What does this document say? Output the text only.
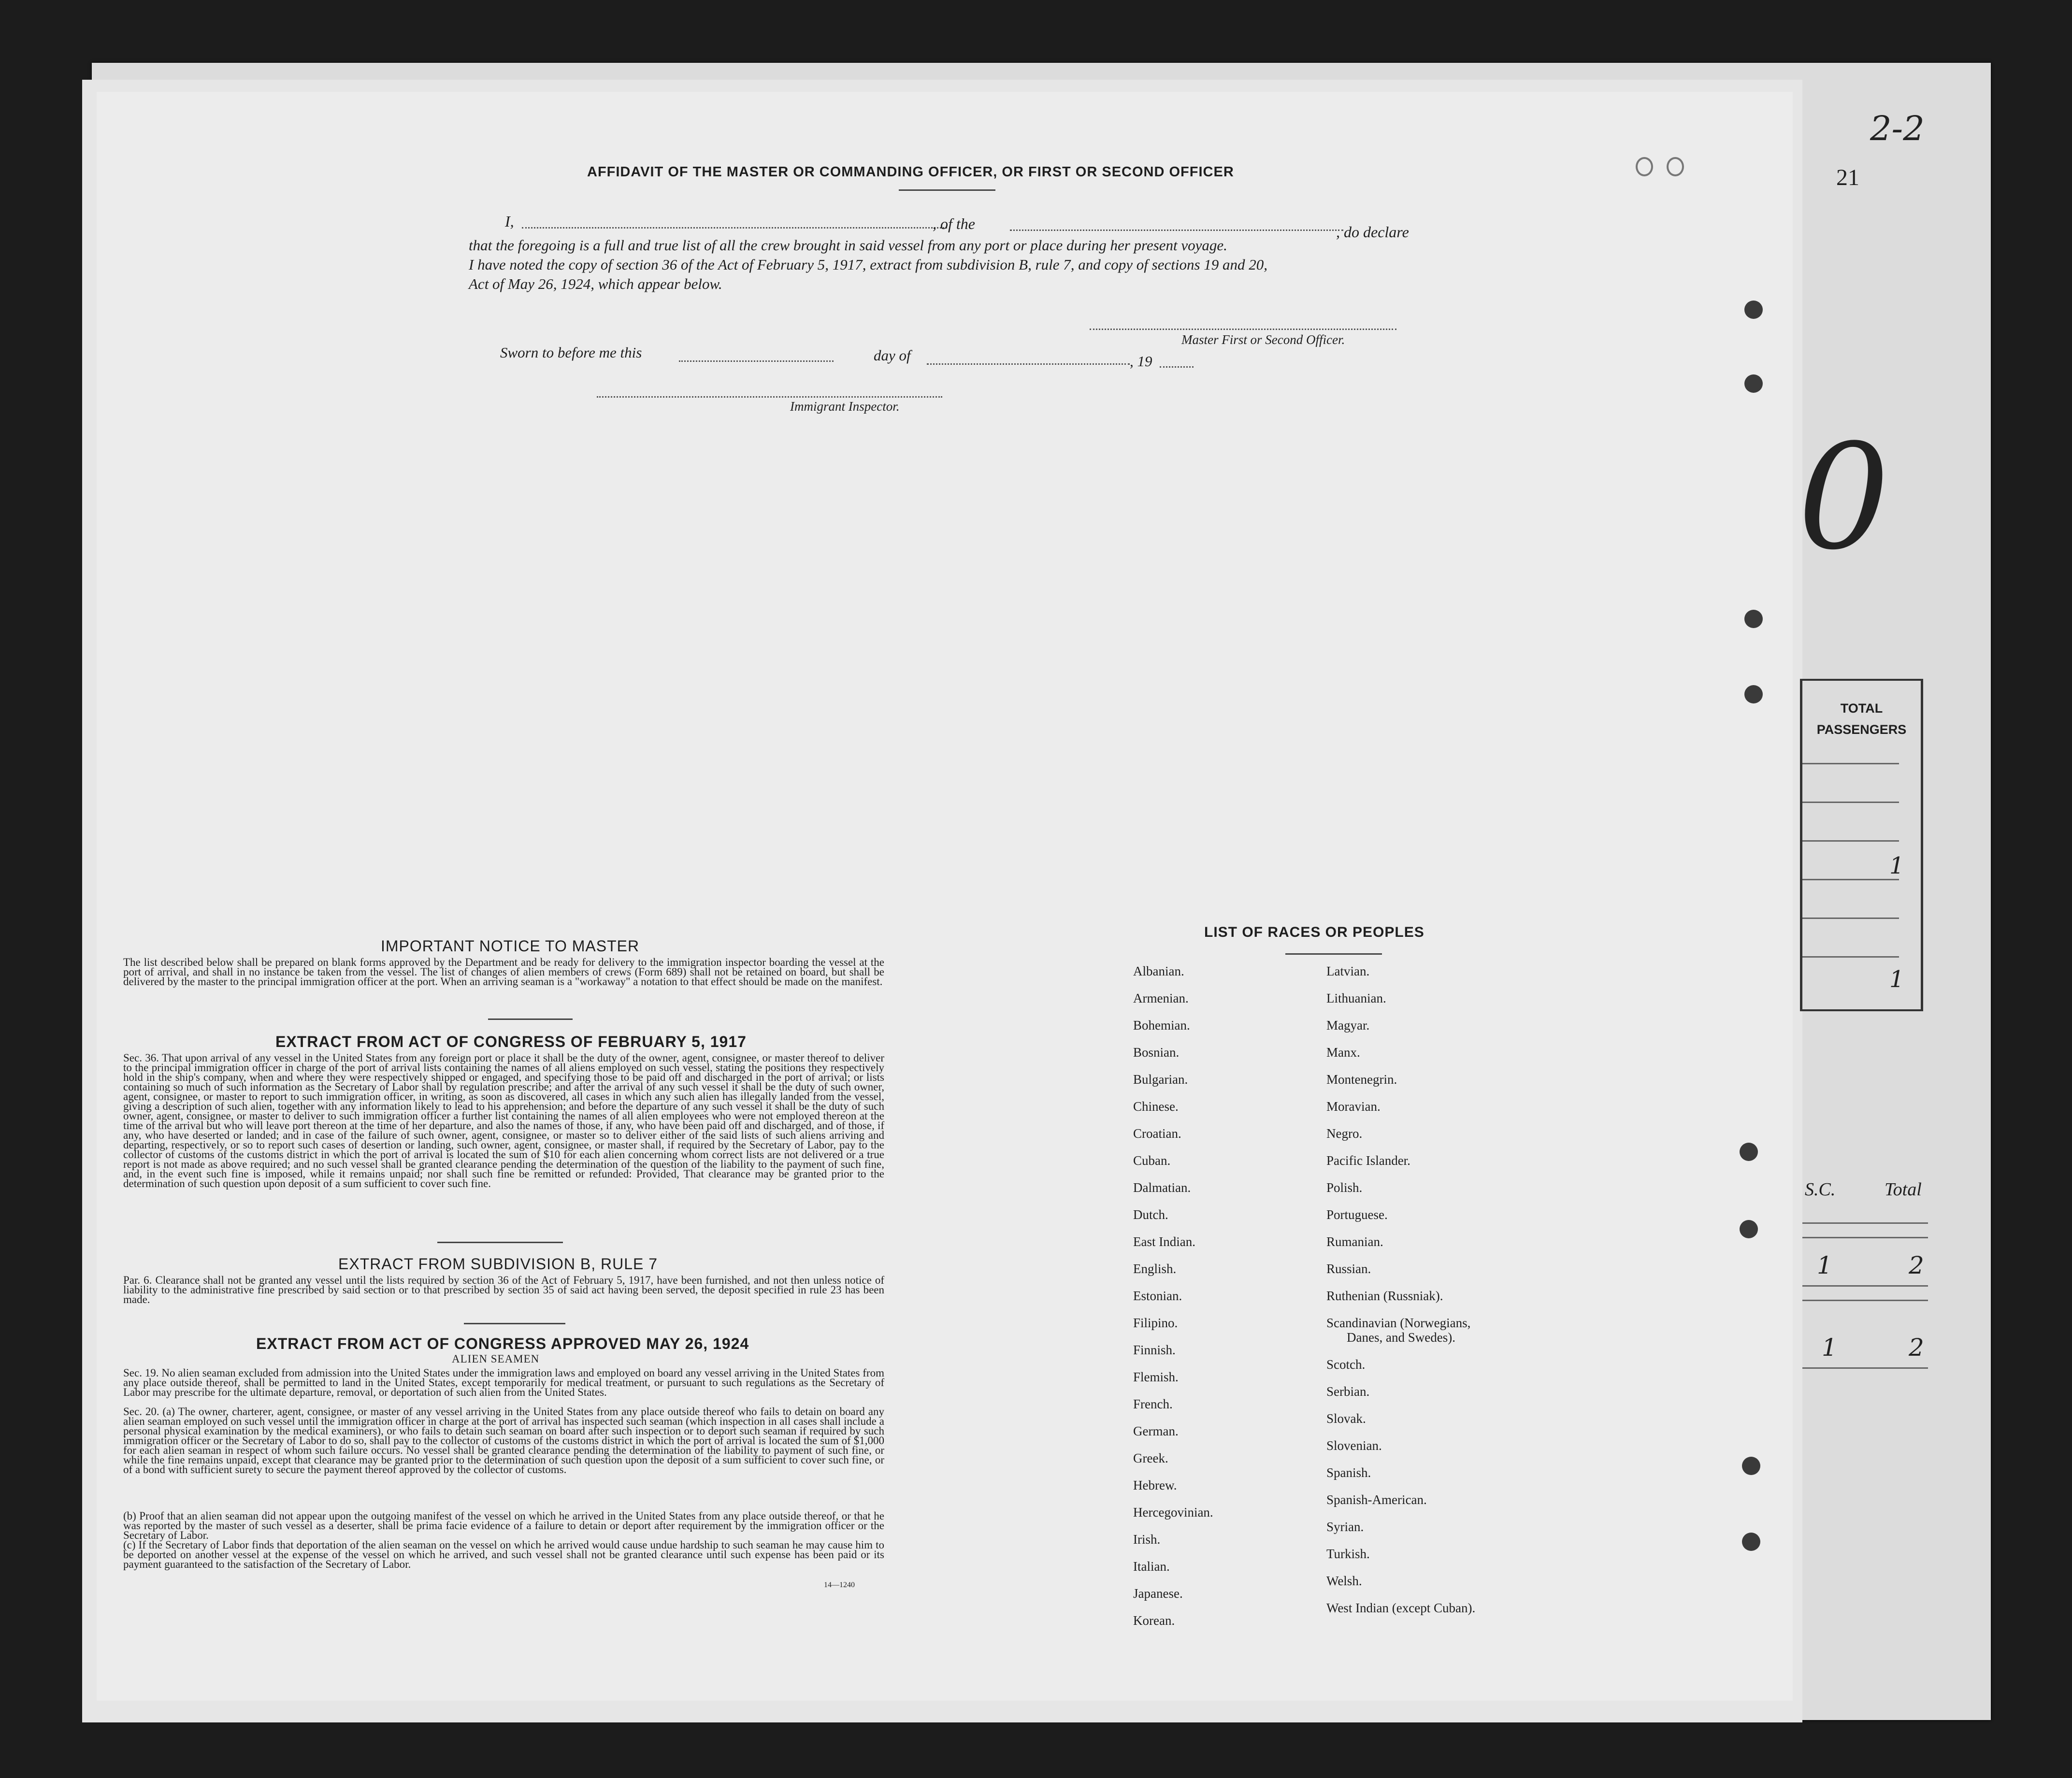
21
2-2
0
TOTAL
PASSENGERS
1
1
S.C.	Total
1	2
1	2
AFFIDAVIT OF THE MASTER OR COMMANDING OFFICER, OR FIRST OR SECOND OFFICER
I,	, of the	, do declare
that the foregoing is a full and true list of all the crew brought in said vessel from any port or place during her present voyage.
I have noted the copy of section 36 of the Act of February 5, 1917, extract from subdivision B, rule 7, and copy of sections 19 and 20,
Act of May 26, 1924, which appear below.
Master First or Second Officer.
Sworn to before me this	day of	, 19
Immigrant Inspector.
IMPORTANT NOTICE TO MASTER
The list described below shall be prepared on blank forms approved by the Department and be ready for delivery to the immigration inspector boarding the vessel at the port of arrival, and shall in no instance be taken from the vessel. The list of changes of alien members of crews (Form 689) shall not be retained on board, but shall be delivered by the master to the principal immigration officer at the port. When an arriving seaman is a "workaway" a notation to that effect should be made on the manifest.
EXTRACT FROM ACT OF CONGRESS OF FEBRUARY 5, 1917
Sec. 36. That upon arrival of any vessel in the United States from any foreign port or place it shall be the duty of the owner, agent, consignee, or master thereof to deliver to the principal immigration officer in charge of the port of arrival lists containing the names of all aliens employed on such vessel, stating the positions they respectively hold in the ship's company, when and where they were respectively shipped or engaged, and specifying those to be paid off and discharged in the port of arrival; or lists containing so much of such information as the Secretary of Labor shall by regulation prescribe; and after the arrival of any such vessel it shall be the duty of such owner, agent, consignee, or master to report to such immigration officer, in writing, as soon as discovered, all cases in which any such alien has illegally landed from the vessel, giving a description of such alien, together with any information likely to lead to his apprehension; and before the departure of any such vessel it shall be the duty of such owner, agent, consignee, or master to deliver to such immigration officer a further list containing the names of all alien employees who were not employed thereon at the time of the arrival but who will leave port thereon at the time of her departure, and also the names of those, if any, who have been paid off and discharged, and of those, if any, who have deserted or landed; and in case of the failure of such owner, agent, consignee, or master so to deliver either of the said lists of such aliens arriving and departing, respectively, or so to report such cases of desertion or landing, such owner, agent, consignee, or master shall, if required by the Secretary of Labor, pay to the collector of customs of the customs district in which the port of arrival is located the sum of $10 for each alien concerning whom correct lists are not delivered or a true report is not made as above required; and no such vessel shall be granted clearance pending the determination of the question of the liability to the payment of such fine, and, in the event such fine is imposed, while it remains unpaid; nor shall such fine be remitted or refunded: Provided, That clearance may be granted prior to the determination of such question upon deposit of a sum sufficient to cover such fine.
EXTRACT FROM SUBDIVISION B, RULE 7
Par. 6. Clearance shall not be granted any vessel until the lists required by section 36 of the Act of February 5, 1917, have been furnished, and not then unless notice of liability to the administrative fine prescribed by said section or to that prescribed by section 35 of said act having been served, the deposit specified in rule 23 has been made.
EXTRACT FROM ACT OF CONGRESS APPROVED MAY 26, 1924
ALIEN SEAMEN
Sec. 19. No alien seaman excluded from admission into the United States under the immigration laws and employed on board any vessel arriving in the United States from any place outside thereof, shall be permitted to land in the United States, except temporarily for medical treatment, or pursuant to such regulations as the Secretary of Labor may prescribe for the ultimate departure, removal, or deportation of such alien from the United States.
Sec. 20. (a) The owner, charterer, agent, consignee, or master of any vessel arriving in the United States from any place outside thereof who fails to detain on board any alien seaman employed on such vessel until the immigration officer in charge at the port of arrival has inspected such seaman (which inspection in all cases shall include a personal physical examination by the medical examiners), or who fails to detain such seaman on board after such inspection or to deport such seaman if required by such immigration officer or the Secretary of Labor to do so, shall pay to the collector of customs of the customs district in which the port of arrival is located the sum of $1,000 for each alien seaman in respect of whom such failure occurs. No vessel shall be granted clearance pending the determination of the liability to payment of such fine, or while the fine remains unpaid, except that clearance may be granted prior to the determination of such question upon the deposit of a sum sufficient to cover such fine, or of a bond with sufficient surety to secure the payment thereof approved by the collector of customs.
(b) Proof that an alien seaman did not appear upon the outgoing manifest of the vessel on which he arrived in the United States from any place outside thereof, or that he was reported by the master of such vessel as a deserter, shall be prima facie evidence of a failure to detain or deport after requirement by the immigration officer or the Secretary of Labor.
(c) If the Secretary of Labor finds that deportation of the alien seaman on the vessel on which he arrived would cause undue hardship to such seaman he may cause him to be deported on another vessel at the expense of the vessel on which he arrived, and such vessel shall not be granted clearance until such expense has been paid or its payment guaranteed to the satisfaction of the Secretary of Labor.
14—1240
LIST OF RACES OR PEOPLES
Albanian.
Armenian.
Bohemian.
Bosnian.
Bulgarian.
Chinese.
Croatian.
Cuban.
Dalmatian.
Dutch.
East Indian.
English.
Estonian.
Filipino.
Finnish.
Flemish.
French.
German.
Greek.
Hebrew.
Hercegovinian.
Irish.
Italian.
Japanese.
Korean.
Latvian.
Lithuanian.
Magyar.
Manx.
Montenegrin.
Moravian.
Negro.
Pacific Islander.
Polish.
Portuguese.
Rumanian.
Russian.
Ruthenian (Russniak).
Scandinavian (Norwegians,
Danes, and Swedes).
Scotch.
Serbian.
Slovak.
Slovenian.
Spanish.
Spanish-American.
Syrian.
Turkish.
Welsh.
West Indian (except Cuban).
